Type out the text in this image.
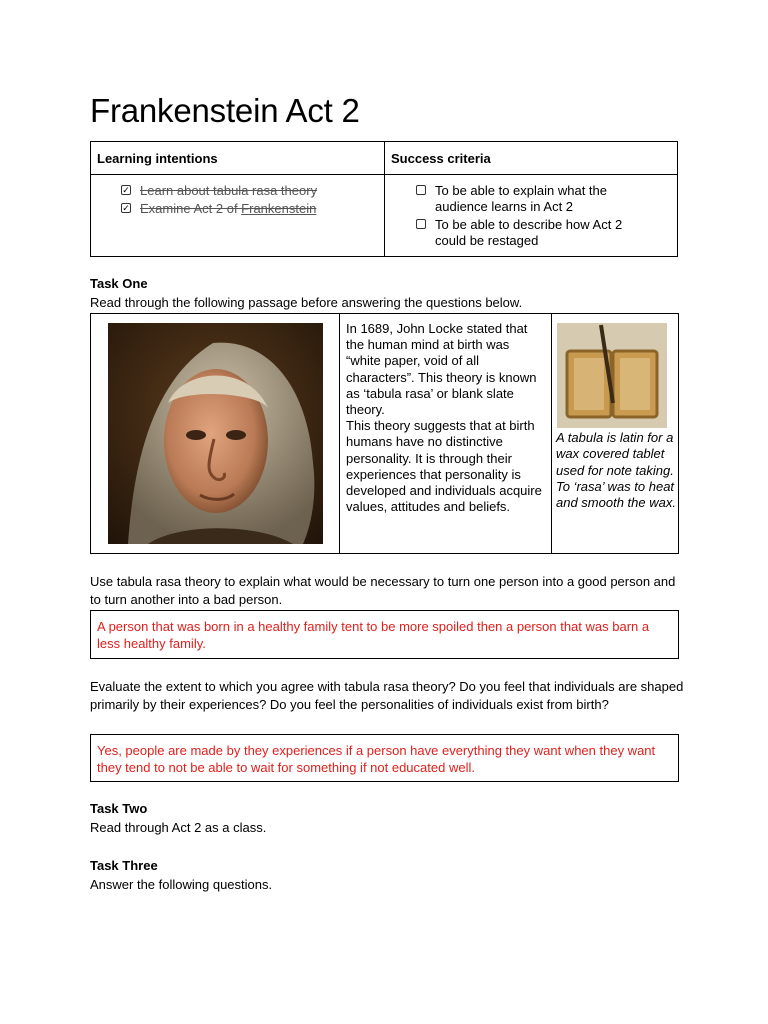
Frankenstein Act 2
Learning intentions	Success criteria
✓ Learn about tabula rasa theory
✓ Examine Act 2 of Frankenstein
To be able to explain what the
audience learns in Act 2
To be able to describe how Act 2
could be restaged
Task One
Read through the following passage before answering the questions below.
In 1689, John Locke stated that the human mind at birth was “white paper, void of all characters”. This theory is known as ‘tabula rasa’ or blank slate theory.
This theory suggests that at birth humans have no distinctive personality. It is through their experiences that personality is developed and individuals acquire values, attitudes and beliefs.
A tabula is latin for a wax covered tablet used for note taking. To ‘rasa’ was to heat and smooth the wax.
Use tabula rasa theory to explain what would be necessary to turn one person into a good person and to turn another into a bad person.
A person that was born in a healthy family tent to be more spoiled then a person that was barn a less healthy family.
Evaluate the extent to which you agree with tabula rasa theory? Do you feel that individuals are shaped primarily by their experiences? Do you feel the personalities of individuals exist from birth?
Yes, people are made by they experiences if a person have everything they want when they want they tend to not be able to wait for something if not educated well.
Task Two
Read through Act 2 as a class.
Task Three
Answer the following questions.
